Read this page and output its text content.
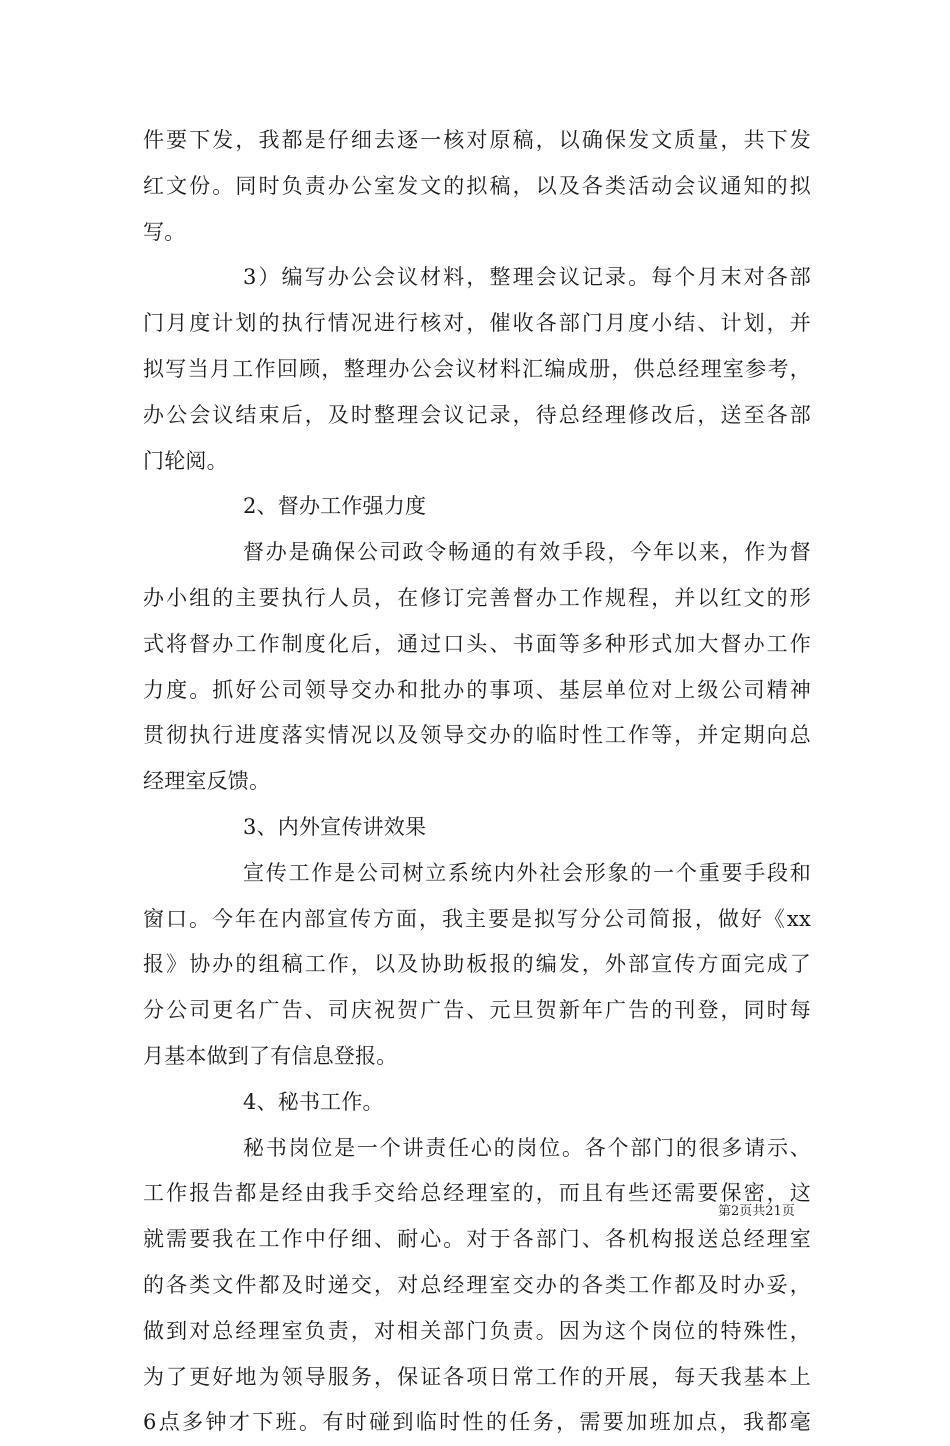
件要下发，我都是仔细去逐一核对原稿，以确保发文质量，共下发
红文份。同时负责办公室发文的拟稿，以及各类活动会议通知的拟
写。
3）编写办公会议材料，整理会议记录。每个月末对各部
门月度计划的执行情况进行核对，催收各部门月度小结、计划，并
拟写当月工作回顾，整理办公会议材料汇编成册，供总经理室参考，
办公会议结束后，及时整理会议记录，待总经理修改后，送至各部
门轮阅。
2、督办工作强力度
督办是确保公司政令畅通的有效手段，今年以来，作为督
办小组的主要执行人员，在修订完善督办工作规程，并以红文的形
式将督办工作制度化后，通过口头、书面等多种形式加大督办工作
力度。抓好公司领导交办和批办的事项、基层单位对上级公司精神
贯彻执行进度落实情况以及领导交办的临时性工作等，并定期向总
经理室反馈。
3、内外宣传讲效果
宣传工作是公司树立系统内外社会形象的一个重要手段和
窗口。今年在内部宣传方面，我主要是拟写分公司简报，做好《xx
报》协办的组稿工作，以及协助板报的编发，外部宣传方面完成了
分公司更名广告、司庆祝贺广告、元旦贺新年广告的刊登，同时每
月基本做到了有信息登报。
4、秘书工作。
秘书岗位是一个讲责任心的岗位。各个部门的很多请示、
工作报告都是经由我手交给总经理室的，而且有些还需要保密，这
就需要我在工作中仔细、耐心。对于各部门、各机构报送总经理室
的各类文件都及时递交，对总经理室交办的各类工作都及时办妥，
做到对总经理室负责，对相关部门负责。因为这个岗位的特殊性，
为了更好地为领导服务，保证各项日常工作的开展，每天我基本上
6点多钟才下班。有时碰到临时性的任务，需要加班加点，我都毫
第2页共21页
